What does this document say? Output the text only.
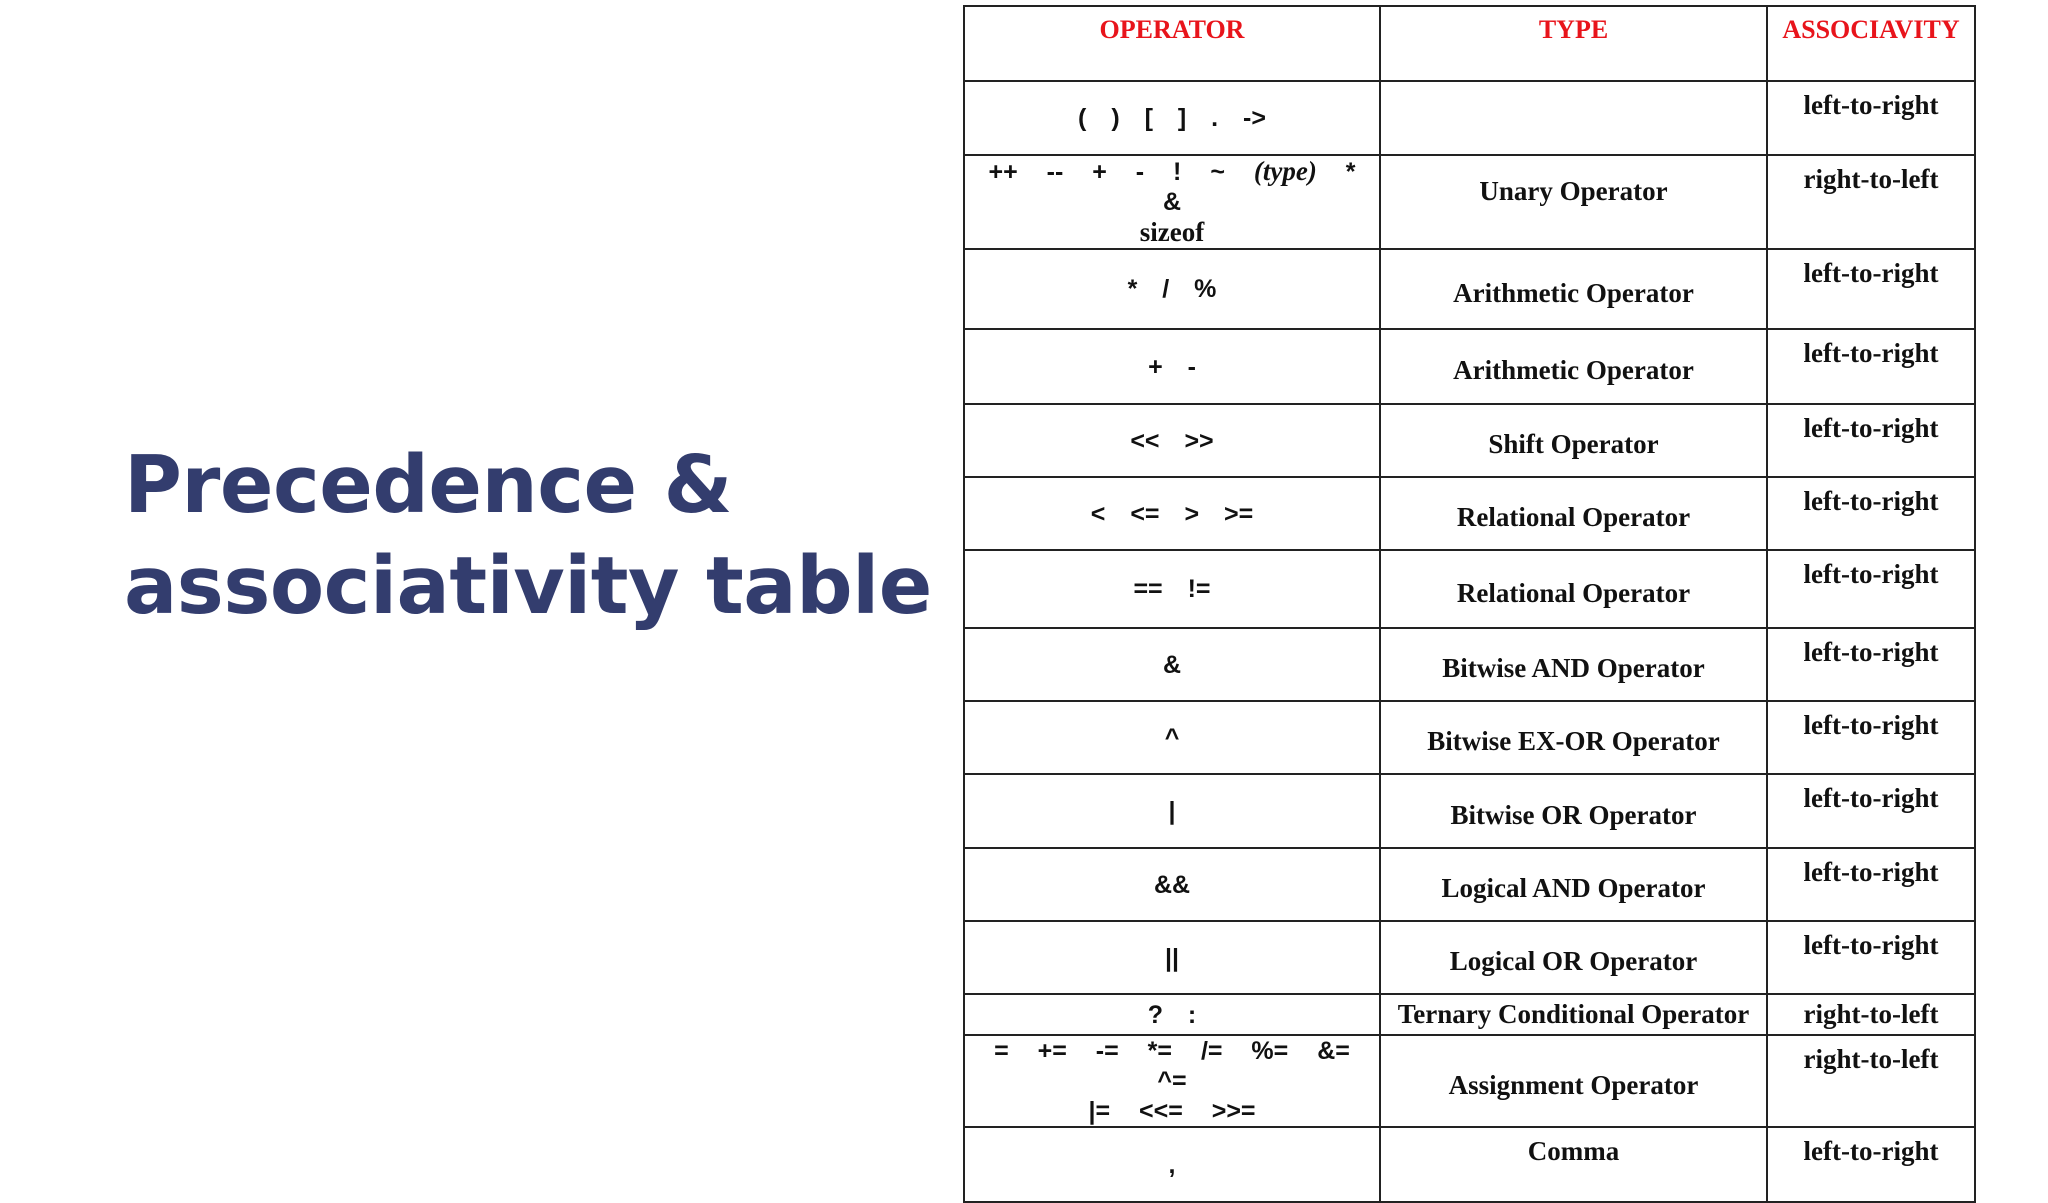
Precedence &
associativity table
OPERATOR	TYPE	ASSOCIAVITY
( ) [ ] . ->		left-to-right
++ -- + - ! ~ (type) * &
sizeof	Unary Operator	right-to-left
* / %	Arithmetic Operator	left-to-right
+ -	Arithmetic Operator	left-to-right
<< >>	Shift Operator	left-to-right
< <= > >=	Relational Operator	left-to-right
== !=	Relational Operator	left-to-right
&	Bitwise AND Operator	left-to-right
^	Bitwise EX-OR Operator	left-to-right
|	Bitwise OR Operator	left-to-right
&&	Logical AND Operator	left-to-right
||	Logical OR Operator	left-to-right
? :	Ternary Conditional Operator	right-to-left
= += -= *= /= %= &= ^=
|= <<= >>=	Assignment Operator	right-to-left
,	Comma	left-to-right
